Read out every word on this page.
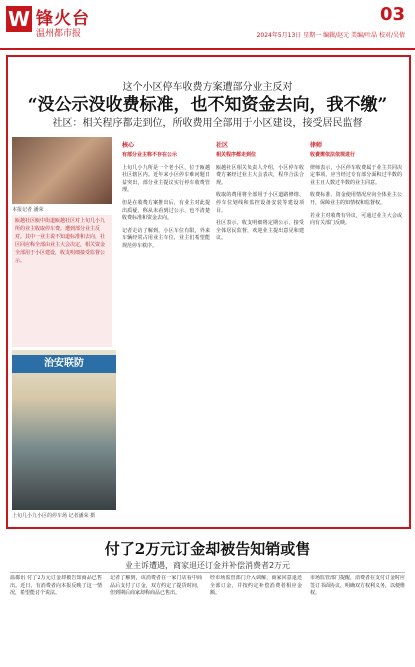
W 锋火台
温州都市报
03
2024年5月13日 星期一 编辑/赵元 美编/叶晶 校对/吴倩
这个小区停车收费方案遭部分业主反对
“没公示没收费标准，也不知资金去向，我不缴”
社区：相关程序都走到位，所收费用全部用于小区建设，接受居民监督
本报记者 潘荣
瓯越社区瓯中街道瓯越社区对上旬几小九所的业主收取停车费。遭到部分业主反对。其中一业主说不知道标准和去向，社区回应称全部由业主大会决定，相关资金全部用于小区建设，收支明细接受监督公示。
治安联防
上旬几小九小区的停车场 记者潘荣 摄
核心
有部分业主称不存在公示

上旬几小九所是一个老小区，位于瓯越社区辖区内。近年来小区停车难问题日益突出，部分业主提议实行停车收费管理。

但是在收费方案推出后，有业主对此提出质疑，称从未看到过公示，也不清楚收费标准和资金去向。

记者走访了解到，小区车位有限，外来车辆经常占用业主车位，业主们希望能规范停车秩序。

社区
相关程序都走到位

瓯越社区相关负责人介绍，小区停车收费方案经过业主大会表决，程序合法合规。

收取的费用将全部用于小区道路修缮、停车位划线和监控设备安装等建设项目。

社区表示，收支明细将定期公示，接受全体居民监督，欢迎业主提出意见和建议。

律师
收费需依法依规进行

律师表示，小区停车收费属于业主共同决定事项，应当经过专有部分面积过半数的业主且人数过半数的业主同意。

收费标准、资金使用情况应向全体业主公开，保障业主的知情权和监督权。

若业主对收费有异议，可通过业主大会或向有关部门反映。

付了2万元订金却被告知销或售
业主诉遭遇，商家退还订金并补偿消费者2万元
温都讯 付了2万元订金却被告知商品已售出。近日，有消费者向本报反映了这一情况，希望能讨个说法。
记者了解到，该消费者在一家门店看中商品后支付了订金，双方约定了提货时间，但到期后商家却称商品已售出。
经市场监管部门介入调解，商家同意退还全部订金，并按约定补偿消费者相应金额。
市场监管部门提醒，消费者在支付订金时应签订书面协议，明确双方权利义务，以便维权。
